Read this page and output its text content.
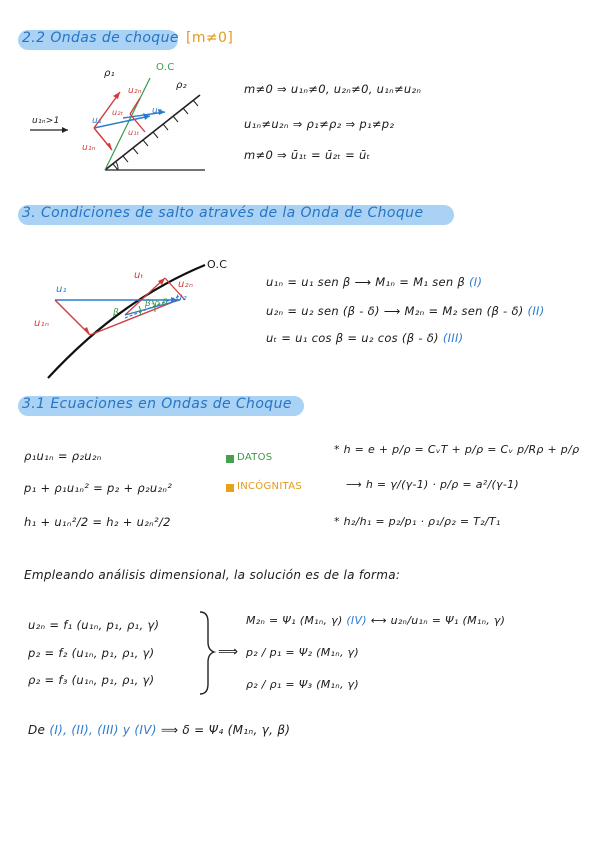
2.2 Ondas de choque [m≠0]
O.C
ρ₁
ρ₂
u₂ₙ
u₁
u₂
u₂ₜ
u₁ₜ
u₁ₙ
u₁ₙ>1
m≠0 ⇒ u₁ₙ≠0, u₂ₙ≠0, u₁ₙ≠u₂ₙ
u₁ₙ≠u₂ₙ ⇒ ρ₁≠ρ₂ ⇒ p₁≠p₂
m≠0 ⇒ ū₁ₜ = ū₂ₜ = ūₜ
3. Condiciones de salto através de la Onda de Choque
O.C
u₁
u₁ₙ
uₜ
u₂ₙ
u₂
β
β-δ δ
u₁ₙ = u₁ sen β ⟶ M₁ₙ = M₁ sen β (I)
u₂ₙ = u₂ sen (β - δ) ⟶ M₂ₙ = M₂ sen (β - δ) (II)
uₜ = u₁ cos β = u₂ cos (β - δ) (III)
3.1 Ecuaciones en Ondas de Choque
ρ₁u₁ₙ = ρ₂u₂ₙ
p₁ + ρ₁u₁ₙ² = p₂ + ρ₂u₂ₙ²
h₁ + u₁ₙ²/2 = h₂ + u₂ₙ²/2
DATOS
INCÓGNITAS
* h = e + p/ρ = CᵥT + p/ρ = Cᵥ p/Rρ + p/ρ
⟶ h = γ/(γ-1) · p/ρ = a²/(γ-1)
* h₂/h₁ = p₂/p₁ · ρ₁/ρ₂ = T₂/T₁
Empleando análisis dimensional, la solución es de la forma:
u₂ₙ = f₁ (u₁ₙ, p₁, ρ₁, γ)
p₂ = f₂ (u₁ₙ, p₁, ρ₁, γ)
ρ₂ = f₃ (u₁ₙ, p₁, ρ₁, γ)
⟹
M₂ₙ = Ψ₁ (M₁ₙ, γ) (IV) ⟷ u₂ₙ/u₁ₙ = Ψ₁ (M₁ₙ, γ)
p₂ / p₁ = Ψ₂ (M₁ₙ, γ)
ρ₂ / ρ₁ = Ψ₃ (M₁ₙ, γ)
De (I), (II), (III) y (IV) ⟹ δ = Ψ₄ (M₁ₙ, γ, β)
